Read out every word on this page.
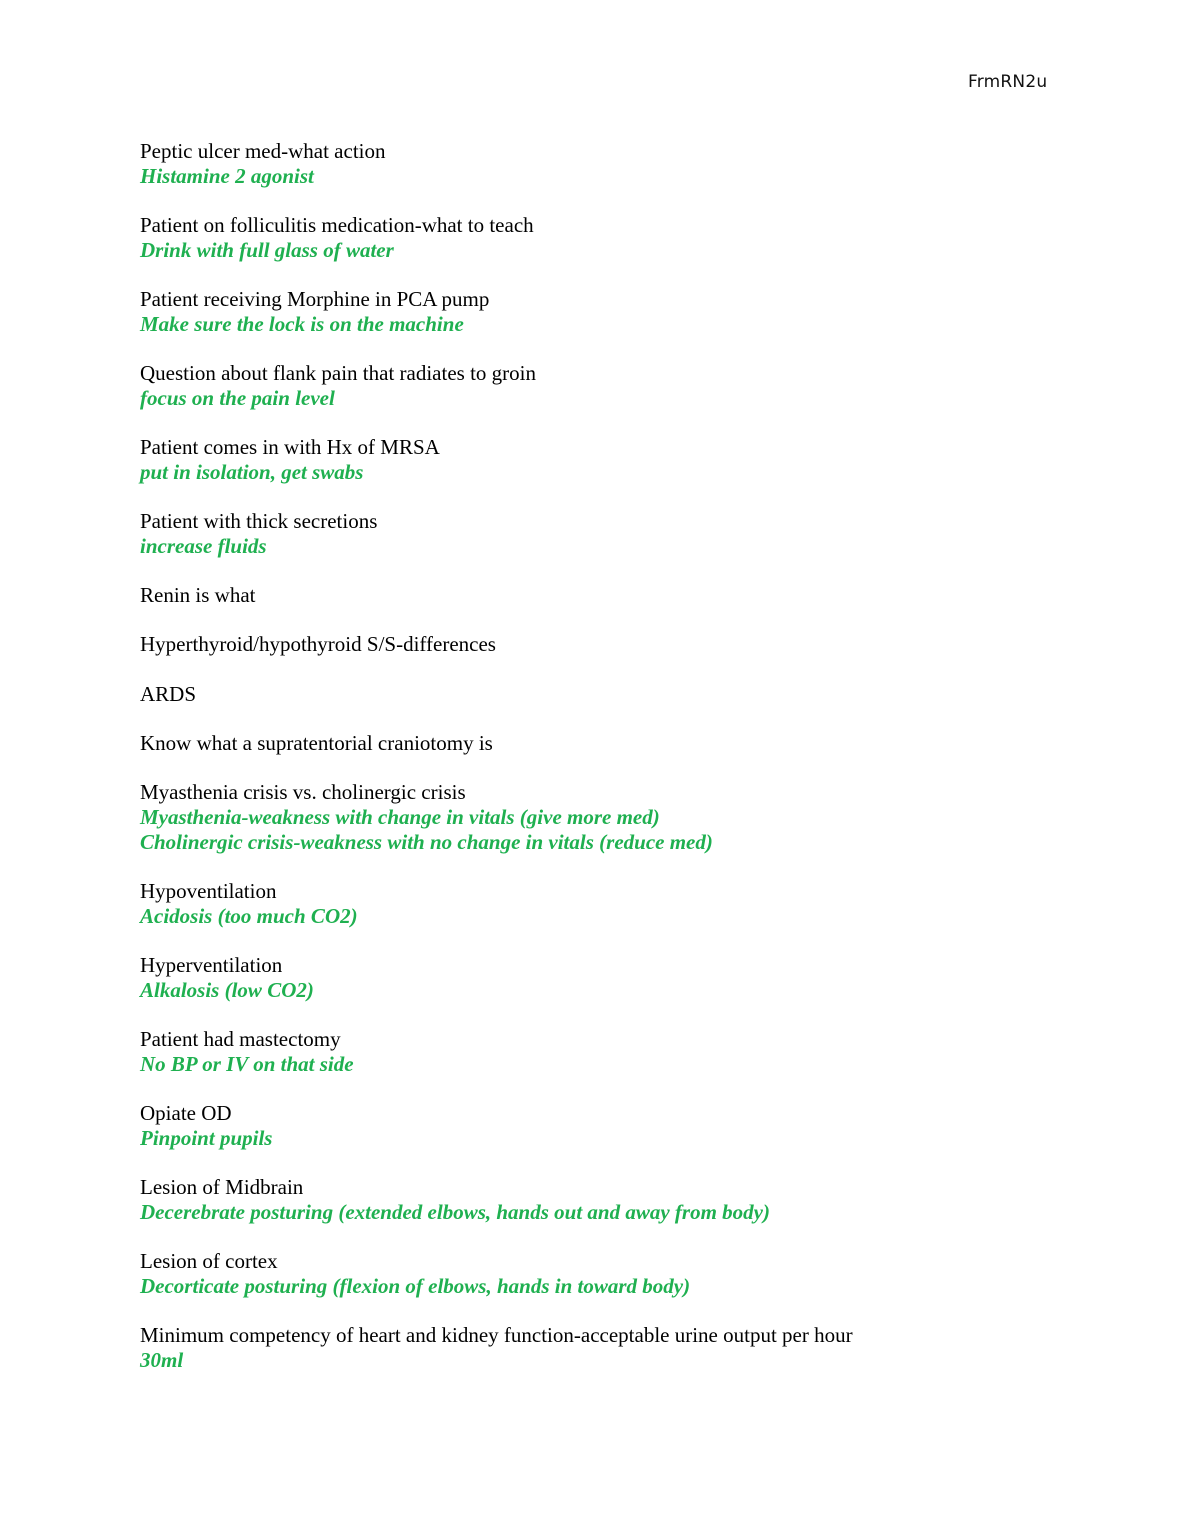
FrmRN2u
Peptic ulcer med-what action
Histamine 2 agonist
Patient on folliculitis medication-what to teach
Drink with full glass of water
Patient receiving Morphine in PCA pump
Make sure the lock is on the machine
Question about flank pain that radiates to groin
focus on the pain level
Patient comes in with Hx of MRSA
put in isolation, get swabs
Patient with thick secretions
increase fluids
Renin is what
Hyperthyroid/hypothyroid S/S-differences
ARDS
Know what a supratentorial craniotomy is
Myasthenia crisis vs. cholinergic crisis
Myasthenia-weakness with change in vitals (give more med)
Cholinergic crisis-weakness with no change in vitals (reduce med)
Hypoventilation
Acidosis (too much CO2)
Hyperventilation
Alkalosis (low CO2)
Patient had mastectomy
No BP or IV on that side
Opiate OD
Pinpoint pupils
Lesion of Midbrain
Decerebrate posturing (extended elbows, hands out and away from body)
Lesion of cortex
Decorticate posturing (flexion of elbows, hands in toward body)
Minimum competency of heart and kidney function-acceptable urine output per hour
30ml
